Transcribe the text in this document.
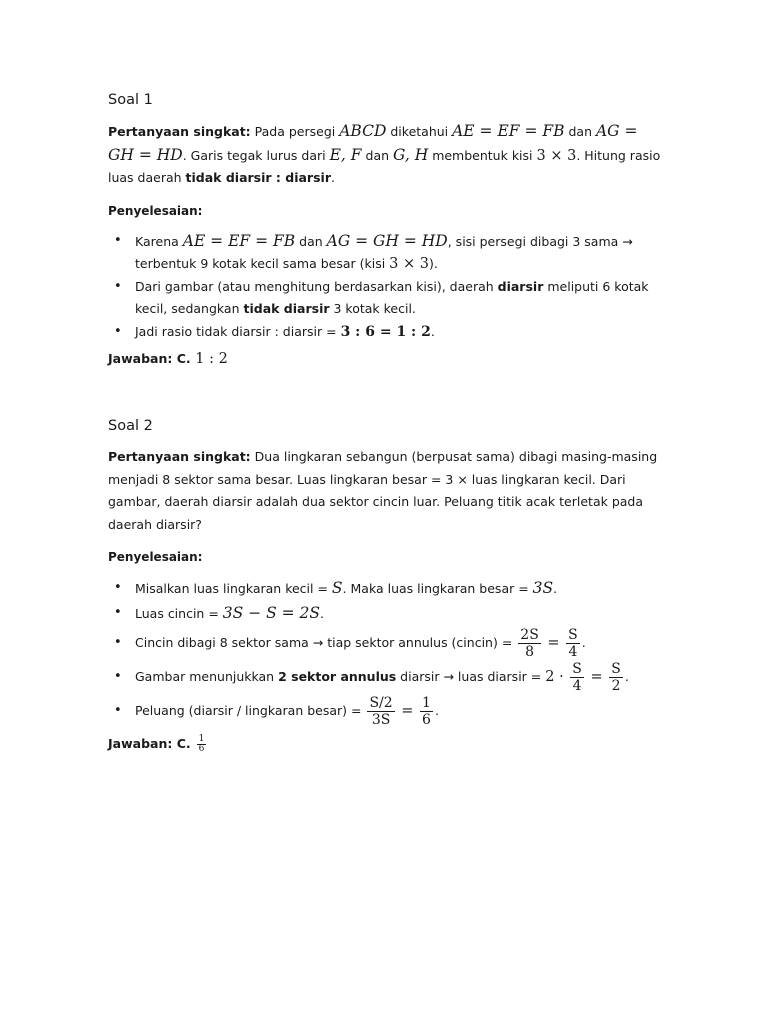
Soal 1

Pertanyaan singkat: Pada persegi ABCD diketahui AE = EF = FB dan AG = GH = HD. Garis tegak lurus dari E, F dan G, H membentuk kisi 3 × 3. Hitung rasio luas daerah tidak diarsir : diarsir.

Penyelesaian:
• Karena AE = EF = FB dan AG = GH = HD, sisi persegi dibagi 3 sama → terbentuk 9 kotak kecil sama besar (kisi 3 × 3).
• Dari gambar (atau menghitung berdasarkan kisi), daerah diarsir meliputi 6 kotak kecil, sedangkan tidak diarsir 3 kotak kecil.
• Jadi rasio tidak diarsir : diarsir = 3 : 6 = 1 : 2.
Jawaban: C. 1 : 2
Soal 2

Pertanyaan singkat: Dua lingkaran sebangun (berpusat sama) dibagi masing-masing menjadi 8 sektor sama besar. Luas lingkaran besar = 3 × luas lingkaran kecil. Dari gambar, daerah diarsir adalah dua sektor cincin luar. Peluang titik acak terletak pada daerah diarsir?

Penyelesaian:
• Misalkan luas lingkaran kecil = S. Maka luas lingkaran besar = 3S.
• Luas cincin = 3S − S = 2S.
• Cincin dibagi 8 sektor sama → tiap sektor annulus (cincin) = $\frac{2S}{8} = \frac{S}{4}$ .
• Gambar menunjukkan 2 sektor annulus diarsir → luas diarsir = $2 \cdot \frac{S}{4} = \frac{S}{2}$ .
• Peluang (diarsir / lingkaran besar) = $\frac{S/2}{3S} = \frac{1}{6}$ .
Jawaban: C. $\frac{1}{6}$
